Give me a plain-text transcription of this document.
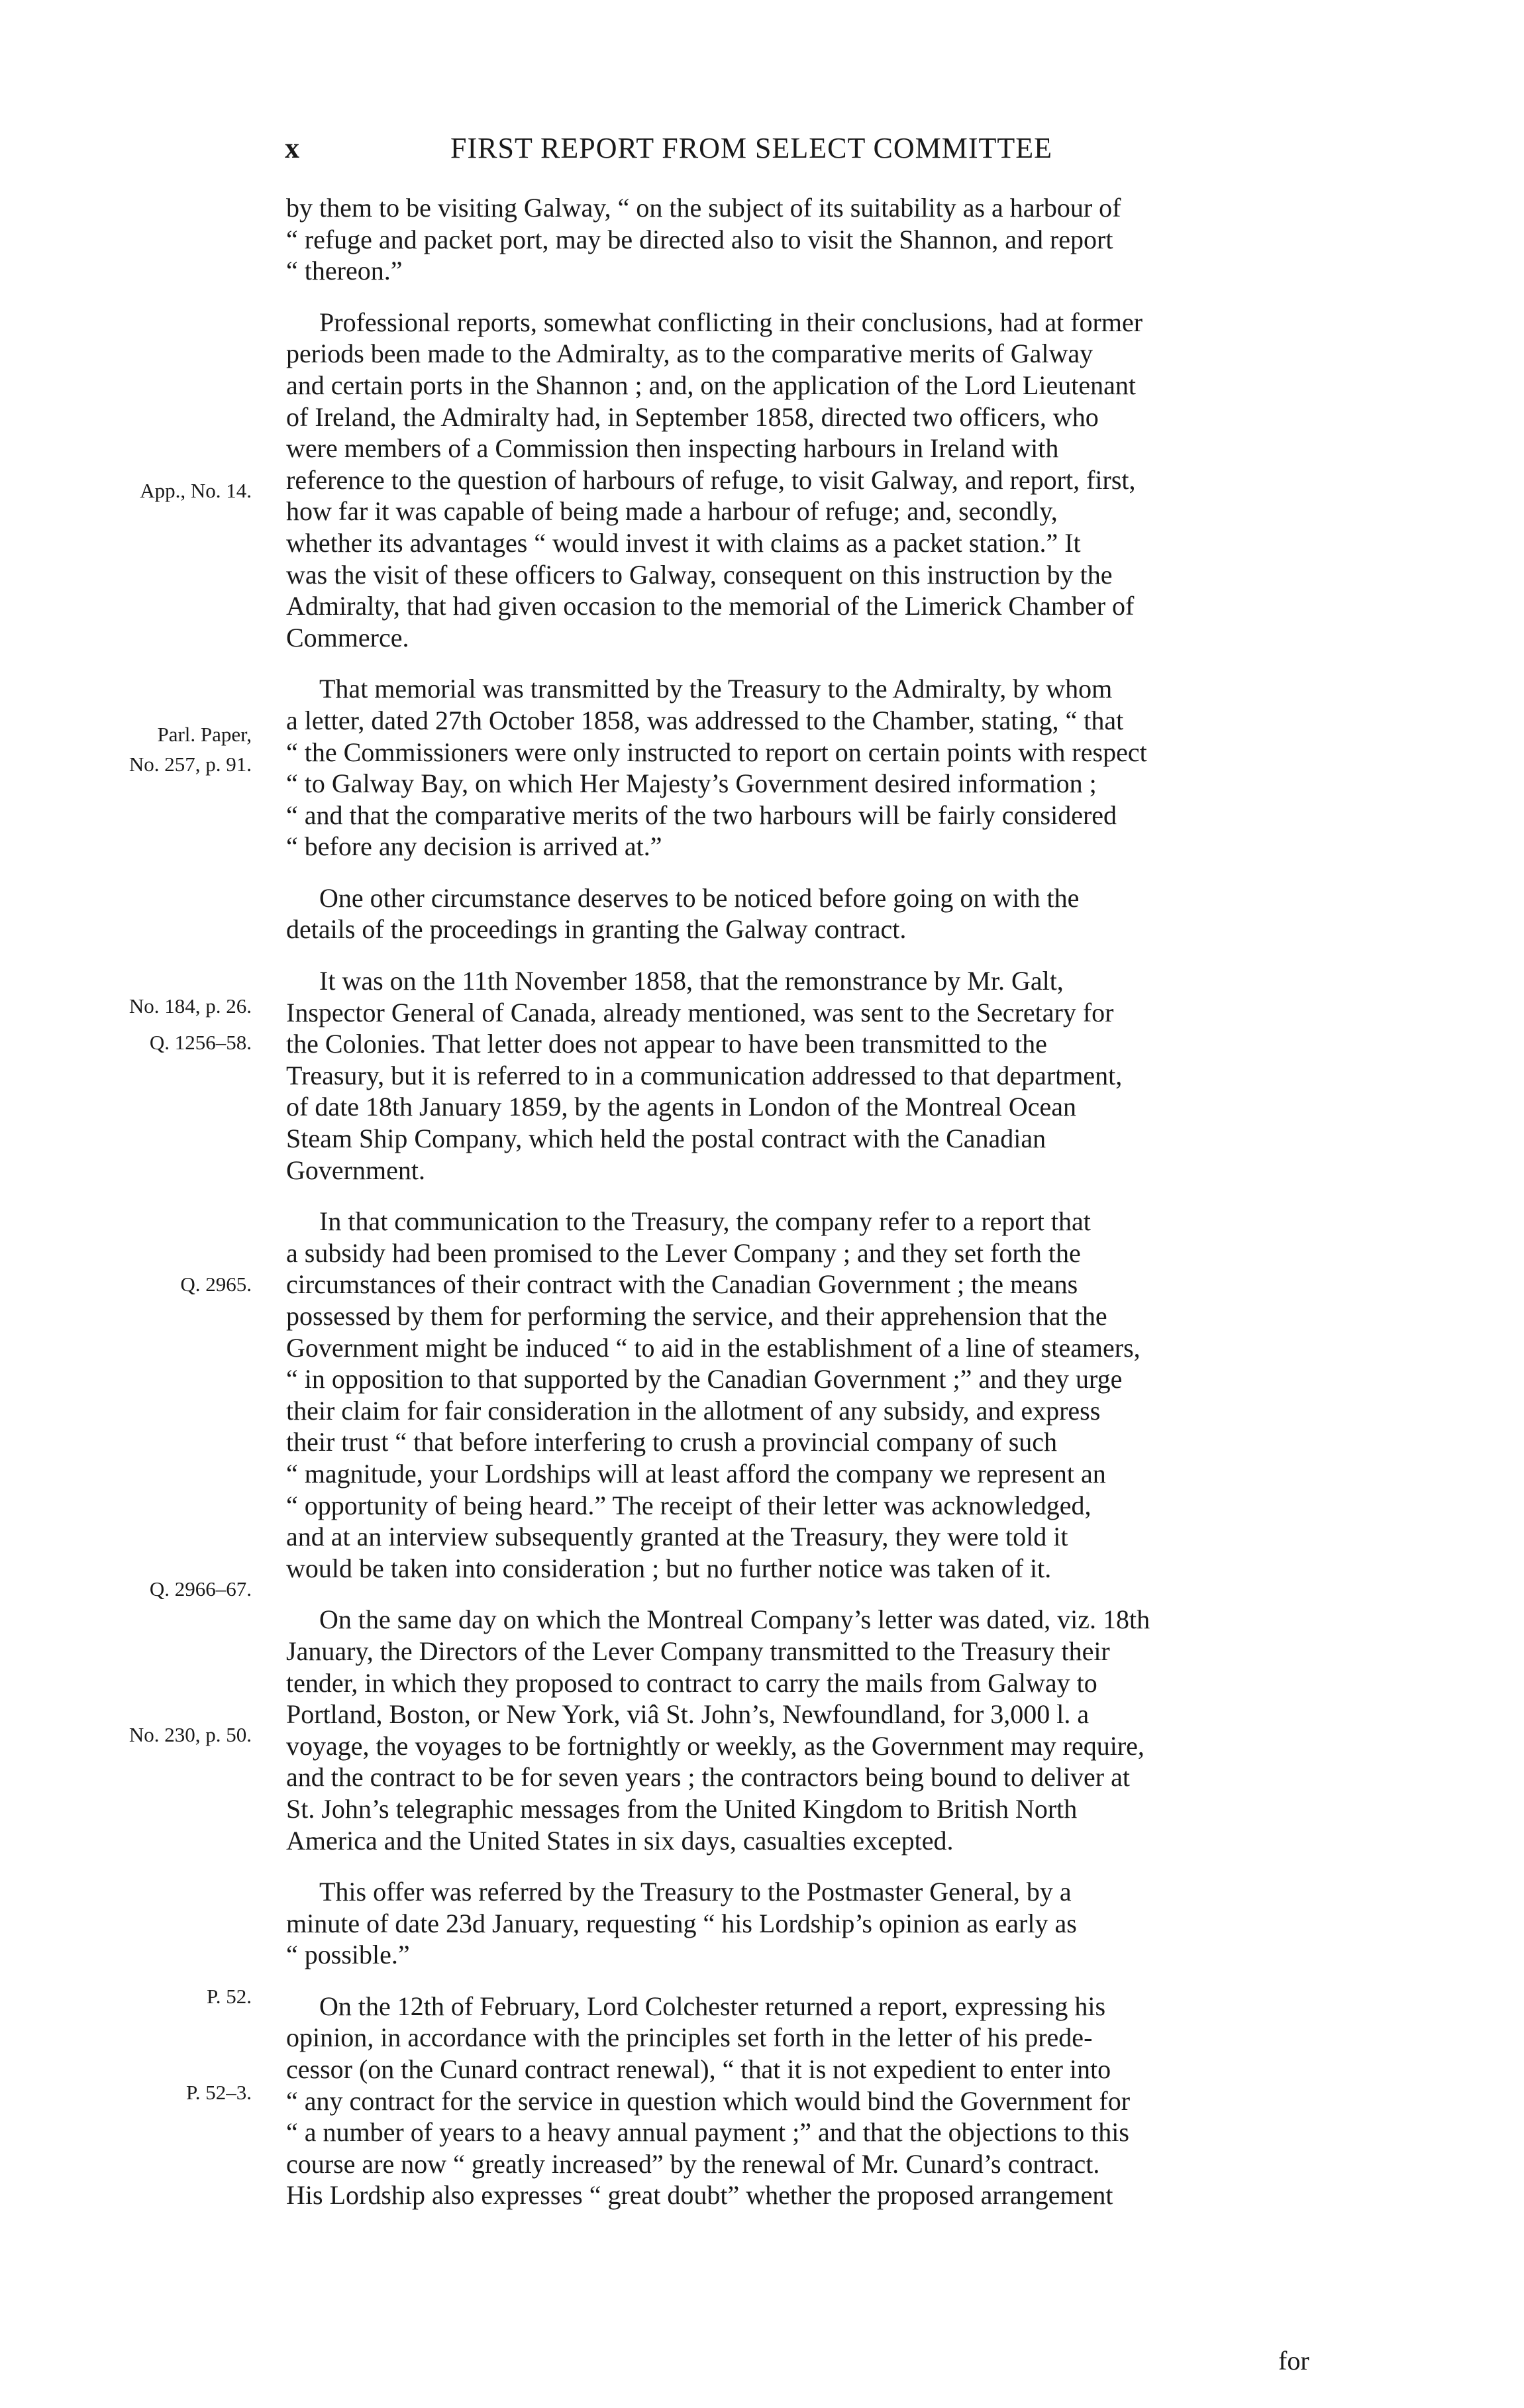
x	FIRST REPORT FROM SELECT COMMITTEE

by them to be visiting Galway, “ on the subject of its suitability as a harbour of

“ refuge and packet port, may be directed also to visit the Shannon, and report

“ thereon.”

Professional reports, somewhat conflicting in their conclusions, had at former

periods been made to the Admiralty, as to the comparative merits of Galway

and certain ports in the Shannon ; and, on the application of the Lord Lieutenant

of Ireland, the Admiralty had, in September 1858, directed two officers, who

were members of a Commission then inspecting harbours in Ireland with

reference to the question of harbours of refuge, to visit Galway, and report, first,

how far it was capable of being made a harbour of refuge; and, secondly,

whether its advantages “ would invest it with claims as a packet station.” It

was the visit of these officers to Galway, consequent on this instruction by the

Admiralty, that had given occasion to the memorial of the Limerick Chamber of

Commerce.

That memorial was transmitted by the Treasury to the Admiralty, by whom

a letter, dated 27th October 1858, was addressed to the Chamber, stating, “ that

“ the Commissioners were only instructed to report on certain points with respect

“ to Galway Bay, on which Her Majesty’s Government desired information ;

“ and that the comparative merits of the two harbours will be fairly considered

“ before any decision is arrived at.”

One other circumstance deserves to be noticed before going on with the

details of the proceedings in granting the Galway contract.

It was on the 11th November 1858, that the remonstrance by Mr. Galt,

Inspector General of Canada, already mentioned, was sent to the Secretary for

the Colonies. That letter does not appear to have been transmitted to the

Treasury, but it is referred to in a communication addressed to that department,

of date 18th January 1859, by the agents in London of the Montreal Ocean

Steam Ship Company, which held the postal contract with the Canadian

Government.

In that communication to the Treasury, the company refer to a report that

a subsidy had been promised to the Lever Company ; and they set forth the

circumstances of their contract with the Canadian Government ; the means

possessed by them for performing the service, and their apprehension that the

Government might be induced “ to aid in the establishment of a line of steamers,

“ in opposition to that supported by the Canadian Government ;” and they urge

their claim for fair consideration in the allotment of any subsidy, and express

their trust “ that before interfering to crush a provincial company of such

“ magnitude, your Lordships will at least afford the company we represent an

“ opportunity of being heard.” The receipt of their letter was acknowledged,

and at an interview subsequently granted at the Treasury, they were told it

would be taken into consideration ; but no further notice was taken of it.

On the same day on which the Montreal Company’s letter was dated, viz. 18th

January, the Directors of the Lever Company transmitted to the Treasury their

tender, in which they proposed to contract to carry the mails from Galway to

Portland, Boston, or New York, viâ St. John’s, Newfoundland, for 3,000 l. a

voyage, the voyages to be fortnightly or weekly, as the Government may require,

and the contract to be for seven years ; the contractors being bound to deliver at

St. John’s telegraphic messages from the United Kingdom to British North

America and the United States in six days, casualties excepted.

This offer was referred by the Treasury to the Postmaster General, by a

minute of date 23d January, requesting “ his Lordship’s opinion as early as

“ possible.”

On the 12th of February, Lord Colchester returned a report, expressing his

opinion, in accordance with the principles set forth in the letter of his prede-

cessor (on the Cunard contract renewal), “ that it is not expedient to enter into

“ any contract for the service in question which would bind the Government for

“ a number of years to a heavy annual payment ;” and that the objections to this

course are now “ greatly increased” by the renewal of Mr. Cunard’s contract.

His Lordship also expresses “ great doubt” whether the proposed arrangement

App., No. 14.
Parl. Paper,
No. 257, p. 91.
No. 184, p. 26.
Q. 1256–58.
Q. 2965.
Q. 2966–67.
No. 230, p. 50.
P. 52.
P. 52–3.
for
